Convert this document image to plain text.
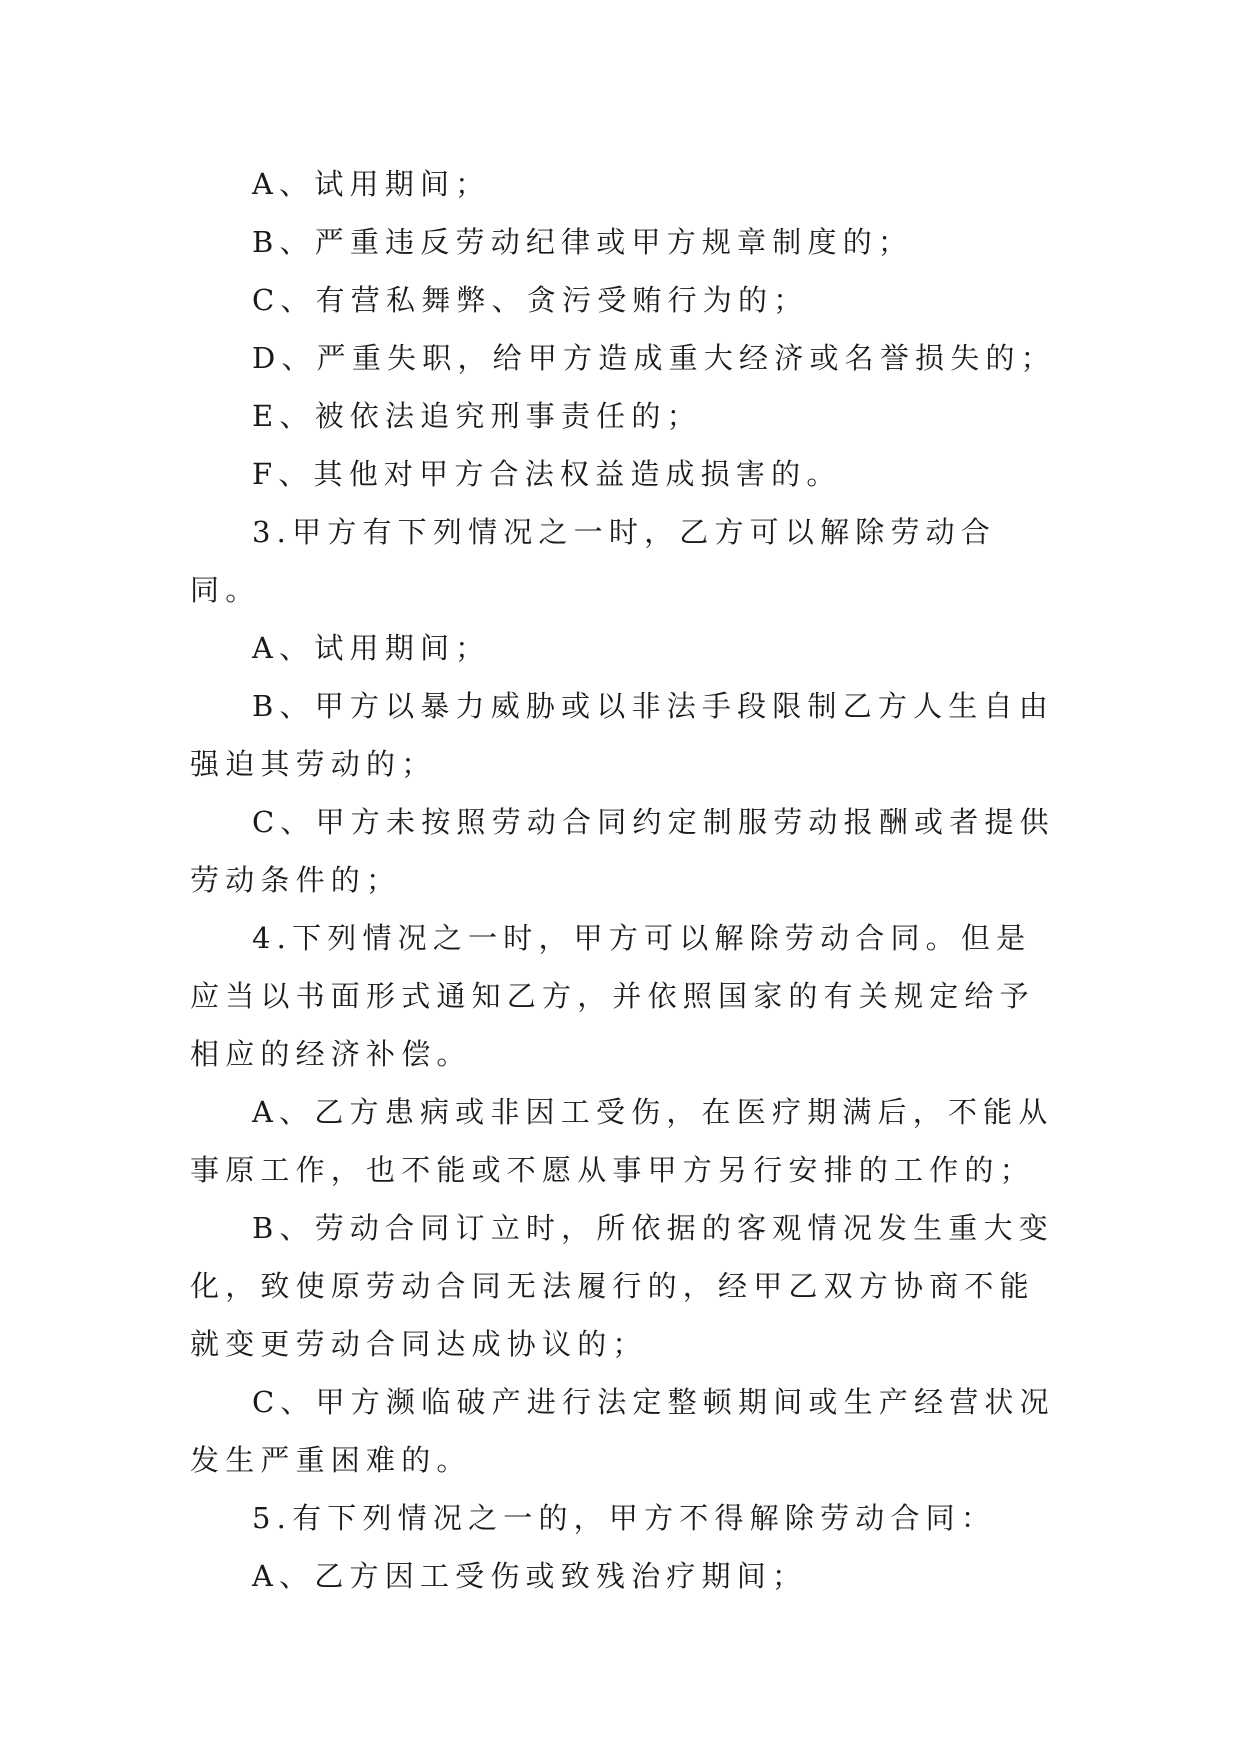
A、试用期间；

B、严重违反劳动纪律或甲方规章制度的；

C、有营私舞弊、贪污受贿行为的；

D、严重失职，给甲方造成重大经济或名誉损失的；

E、被依法追究刑事责任的；

F、其他对甲方合法权益造成损害的。

3.甲方有下列情况之一时，乙方可以解除劳动合同。

A、试用期间；

B、甲方以暴力威胁或以非法手段限制乙方人生自由强迫其劳动的；

C、甲方未按照劳动合同约定制服劳动报酬或者提供劳动条件的；

4.下列情况之一时，甲方可以解除劳动合同。但是应当以书面形式通知乙方，并依照国家的有关规定给予相应的经济补偿。

A、乙方患病或非因工受伤，在医疗期满后，不能从事原工作，也不能或不愿从事甲方另行安排的工作的；

B、劳动合同订立时，所依据的客观情况发生重大变化，致使原劳动合同无法履行的，经甲乙双方协商不能就变更劳动合同达成协议的；

C、甲方濒临破产进行法定整顿期间或生产经营状况发生严重困难的。

5.有下列情况之一的，甲方不得解除劳动合同：

A、乙方因工受伤或致残治疗期间；
